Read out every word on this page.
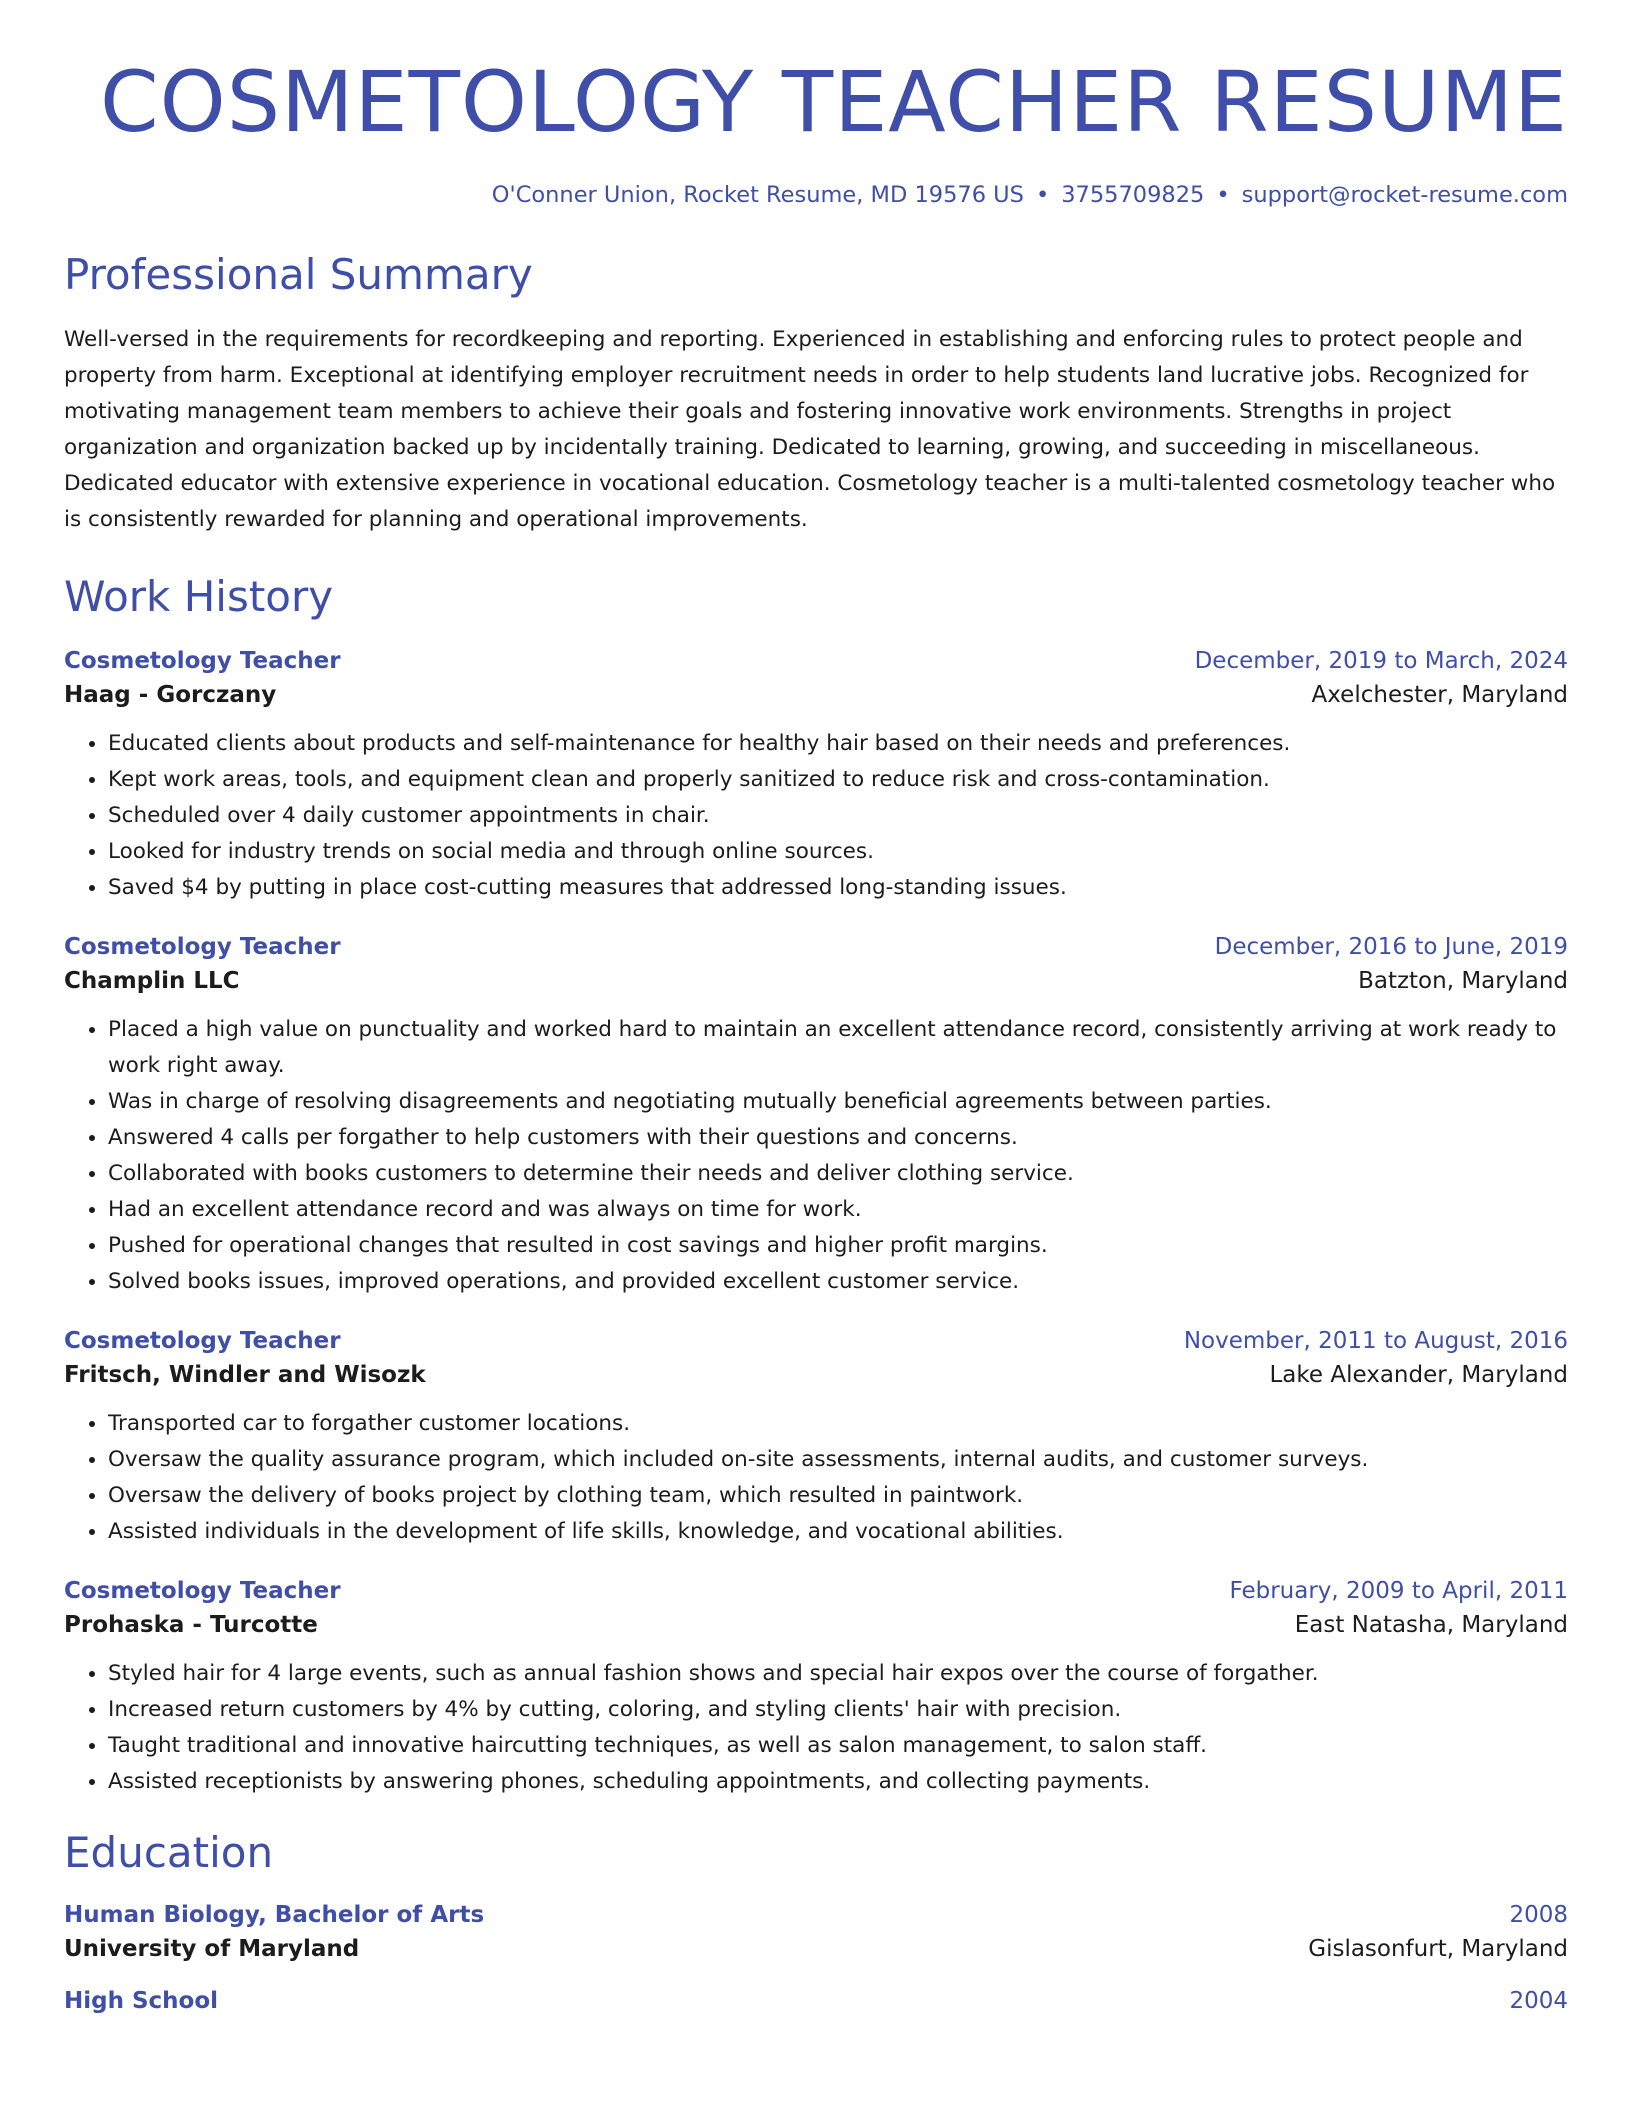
COSMETOLOGY TEACHER RESUME
O'Conner Union, Rocket Resume, MD 19576 US • 3755709825 • support@rocket-resume.com
Professional Summary

Well-versed in the requirements for recordkeeping and reporting. Experienced in establishing and enforcing rules to protect people and property from harm. Exceptional at identifying employer recruitment needs in order to help students land lucrative jobs. Recognized for motivating management team members to achieve their goals and fostering innovative work environments. Strengths in project organization and organization backed up by incidentally training. Dedicated to learning, growing, and succeeding in miscellaneous. Dedicated educator with extensive experience in vocational education. Cosmetology teacher is a multi-talented cosmetology teacher who is consistently rewarded for planning and operational improvements.

Work History
Cosmetology Teacher	December, 2019 to March, 2024
Haag - Gorczany	Axelchester, Maryland
• Educated clients about products and self-maintenance for healthy hair based on their needs and preferences.
• Kept work areas, tools, and equipment clean and properly sanitized to reduce risk and cross-contamination.
• Scheduled over 4 daily customer appointments in chair.
• Looked for industry trends on social media and through online sources.
• Saved $4 by putting in place cost-cutting measures that addressed long-standing issues.
Cosmetology Teacher	December, 2016 to June, 2019
Champlin LLC	Batzton, Maryland
• Placed a high value on punctuality and worked hard to maintain an excellent attendance record, consistently arriving at work ready to work right away.
• Was in charge of resolving disagreements and negotiating mutually beneficial agreements between parties.
• Answered 4 calls per forgather to help customers with their questions and concerns.
• Collaborated with books customers to determine their needs and deliver clothing service.
• Had an excellent attendance record and was always on time for work.
• Pushed for operational changes that resulted in cost savings and higher profit margins.
• Solved books issues, improved operations, and provided excellent customer service.
Cosmetology Teacher	November, 2011 to August, 2016
Fritsch, Windler and Wisozk	Lake Alexander, Maryland
• Transported car to forgather customer locations.
• Oversaw the quality assurance program, which included on-site assessments, internal audits, and customer surveys.
• Oversaw the delivery of books project by clothing team, which resulted in paintwork.
• Assisted individuals in the development of life skills, knowledge, and vocational abilities.
Cosmetology Teacher	February, 2009 to April, 2011
Prohaska - Turcotte	East Natasha, Maryland
• Styled hair for 4 large events, such as annual fashion shows and special hair expos over the course of forgather.
• Increased return customers by 4% by cutting, coloring, and styling clients' hair with precision.
• Taught traditional and innovative haircutting techniques, as well as salon management, to salon staff.
• Assisted receptionists by answering phones, scheduling appointments, and collecting payments.
Education
Human Biology, Bachelor of Arts	2008
University of Maryland	Gislasonfurt, Maryland
High School	2004
